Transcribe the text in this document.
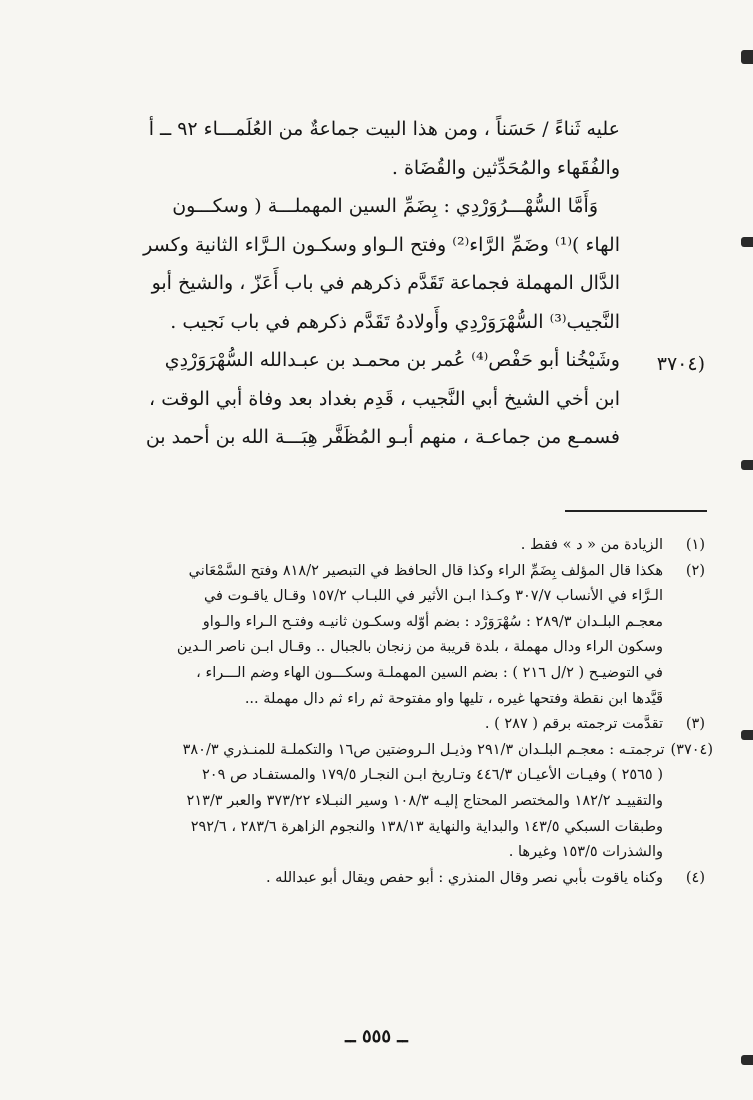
عليه ثَناءً / حَسَناً ، ومن هذا البيت جماعةٌ من العُلَمـــاء ٩٢ ــ أ
والفُقَهاء والمُحَدِّثين والقُضَاة .
وَأَمَّا السُّهْـــرُوَرْدِي : بِضَمِّ السين المهملـــة ( وسكـــون
الهاء )⁽¹⁾ وضَمِّ الرَّاء⁽²⁾ وفتح الـواو وسكـون الـرَّاء الثانية وكسر
الدَّال المهملة فجماعة تَقَدَّم ذكرهم في باب أَعَزّ ، والشيخ أبو
النَّجيب⁽³⁾ السُّهْرَوَرْدِي وأَولادهُ تَقَدَّم ذكرهم في باب نَجيب .
وشَيْخُنا أبو حَفْص⁽⁴⁾ عُمر بن محمـد بن عبـدالله السُّهْرَوَرْدِي
ابن أخي الشيخ أبي النَّجيب ، قَدِم بغداد بعد وفاة أبي الوقت ،
فسمـع من جماعـة ، منهم أبـو المُظَفَّر هِبَـــة الله بن أحمد بن
(٣٧٠٤
(١)الزيادة من « د » فقط .
(٢)هكذا قال المؤلف بِضَمِّ الراء وكذا قال الحافظ في التبصير ٨١٨/٢ وفتح السَّمْعَاني
الـرَّاء في الأنساب ٣٠٧/٧ وكـذا ابـن الأثير في اللبـاب ١٥٧/٢ وقـال ياقـوت في
معجـم البلـدان ٢٨٩/٣ : سُهْرَوَرْد : بضم أوّله وسكـون ثانيـه وفتـح الـراء والـواو
وسكون الراء ودال مهملة ، بلدة قريبة من زنجان بالجبال .. وقـال ابـن ناصر الـدين
في التوضيـح ( ٢/ل ٢١٦ ) : بضم السين المهملـة وسكـــون الهاء وضم الـــراء ،
قَيَّدها ابن نقطة وفتحها غيره ، تليها واو مفتوحة ثم راء ثم دال مهملة ...
(٣)تقدَّمت ترجمته برقم ( ٢٨٧ ) .
(٣٧٠٤)ترجمتـه : معجـم البلـدان ٢٩١/٣ وذيـل الـروضتين ص١٦ والتكملـة للمنـذري ٣٨٠/٣
( ٢٥٦٥ ) وفيـات الأعيـان ٤٤٦/٣ وتـاريخ ابـن النجـار ١٧٩/٥ والمستفـاد ص ٢٠٩
والتقييـد ١٨٢/٢ والمختصر المحتاج إليـه ١٠٨/٣ وسير النبـلاء ٣٧٣/٢٢ والعبر ٢١٣/٣
وطبقات السبكي ١٤٣/٥ والبداية والنهاية ١٣٨/١٣ والنجوم الزاهرة ٢٨٣/٦ ، ٢٩٢/٦
والشذرات ١٥٣/٥ وغيرها .
(٤)وكناه ياقوت بأبي نصر وقال المنذري : أبو حفص ويقال أبو عبدالله .
ــ ٥٥٥ ــ
